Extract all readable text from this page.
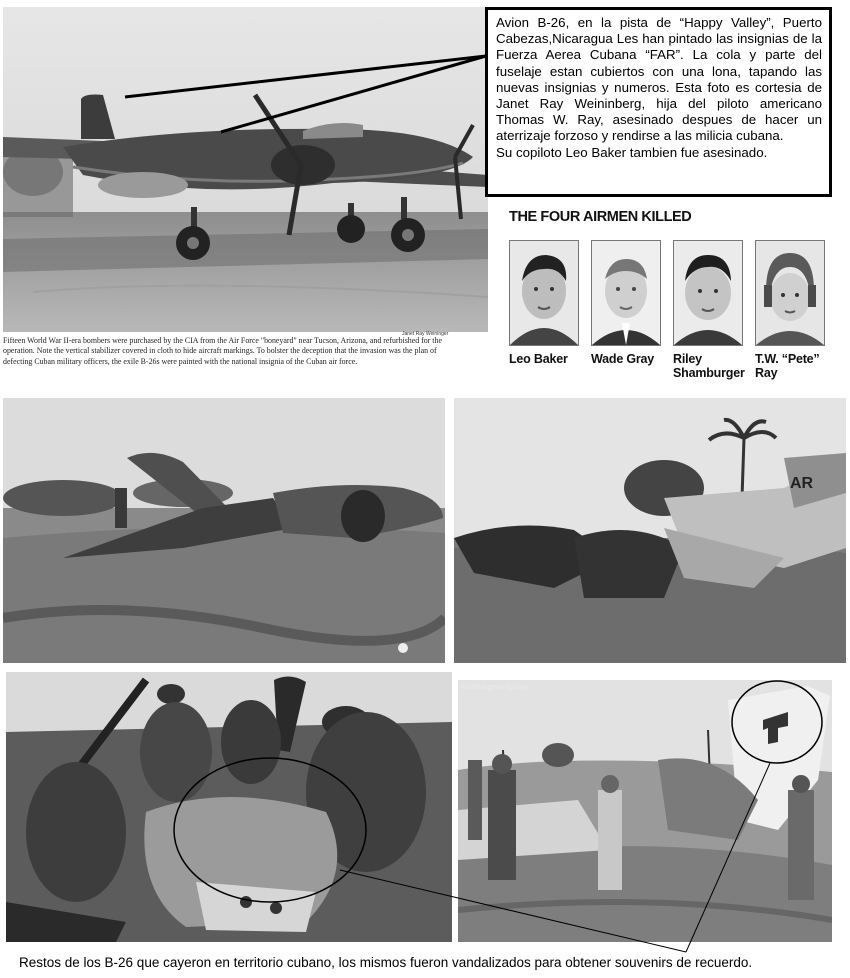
Janet Ray Weininger
Fifteen World War II-era bombers were purchased by the CIA from the Air Force "boneyard" near Tucson, Arizona, and refurbished for the operation. Note the vertical stabilizer covered in cloth to hide aircraft markings. To bolster the deception that the invasion was the plan of defecting Cuban military officers, the exile B-26s were painted with the national insignia of the Cuban air force.

Avion B-26, en la pista de “Happy Valley”, Puerto Cabezas,Nicaragua Les han pintado las insignias de la Fuerza Aerea Cubana “FAR”. La cola y parte del fuselaje estan cubiertos con una lona, tapando las nuevas insignias y numeros. Esta foto es cortesia de Janet Ray Weininberg, hija del piloto americano Thomas W. Ray, asesinado despues de hacer un aterrizaje forzoso y rendirse a las milicia cubana.

Su copiloto Leo Baker tambien fue asesinado.

THE FOUR AIRMEN KILLED
Leo Baker Wade Gray Riley
Shamburger
T.W. “Pete”
Ray
AR
cienfuegoscity.org
Restos de los B-26 que cayeron en territorio cubano, los mismos fueron vandalizados para obtener souvenirs de recuerdo.
